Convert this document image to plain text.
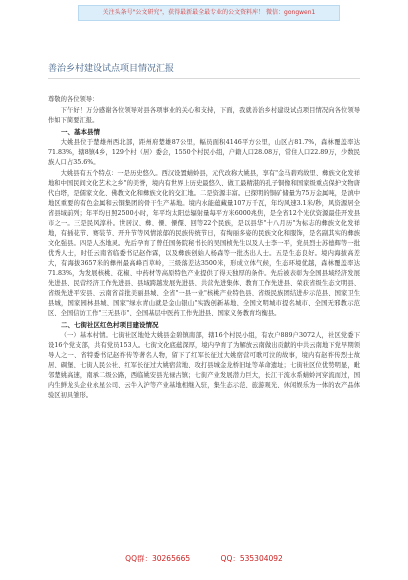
关注头条号"公文研究"，获得最新最全最专业的公文资料库！ 微信：gongwen1
善治乡村建设试点项目情况汇报

尊敬的各位领导：

下午好！万分感谢各位领导对县各项事业的关心和支持，下面，我就善治乡村建设试点项目情况向各位领导作如下简要汇报。

一、基本县情

大姚县位于楚雄州西北部，距州府楚雄87公里，幅员面积4146平方公里，山区占81.7%，森林覆盖率达71.83%，辖8镇4乡，129个村（居）委会，1550个村民小组，户籍人口28.08万，常住人口22.89万，少数民族人口占35.6%。

大姚县有五个特点：一是历史悠久。西汉设置蜻蛉县，元代改称大姚县，享有"金马碧鸡故里、彝族文化发祥地和中国民间文化艺术之乡"的美誉，境内有世界上历史最悠久、做工最精湛的孔子铜像和国家级重点保护文物唐代白塔，是儒家文化、佛教文化和彝族文化的交汇地。二是资源丰富。已探明的铜矿储量为75万金属吨，是滇中地区重要的有色金属和云铜集团的骨干生产基地。境内水能蕴藏量107万千瓦，年均风速3.1米/秒，风资源居全省县域前列；年平均日照2500小时，年平均太阳总辐射量每平方米6000兆焦，是全省12个光伏资源最佳开发县市之一。三是民风淳朴。世居汉、彝、傈、傈僳、回等22个民族，是以县华"十八月历"为标志的彝族文化发祥地，有插花节、赛装节、开升节等风情浓郁的民族传统节日，有绚丽多姿的民族文化和服饰，是名副其实的彝族文化强县。四是人杰地灵。先后孕育了曾任国务院秘书长的吴国桢先生以及人士李一平，党员烈士苏德辉等一批优秀人士，时任云南省临委书记赵作霖，以及彝族创始人杨森等一批杰出人士。五是生态良好。境内海拔高差大，有海拔3657米的彝州最高峰百草岭，三级落差达3500米，形成立体气候，生态环境优越，森林覆盖率达71.83%，为发展核桃、花椒、中药材等高原特色产业提供了得天独厚的条件。先后被表彰为全国县域经济发展先进县、民营经济工作先进县、县域跨越发展先进县、共营先进集体、教育工作先进县、荣获省级生态文明县、省级先进平安县、云南省首批美丽县城、全省"一县一业"核桃产业特色县、省级民族团结进步示范县、国家卫生县城，国家园林县城、国家"绿水青山就是金山银山"实践创新基地、全国文明城市提名城市、全国无邪教示范区、全国信访工作"三无县市"、全国基层中医药工作先进县、国家义务教育均衡县。

二、七街社区红色村项目建设情况

（一）基本村情。七街社区地处大姚县金碧镇南部，辖16个村民小组，有农户889户3072人，社区党委下设16个党支部，共有党员153人。七街文化底蕴深厚，境内孕育了为解放云南做出贡献的中共云南地下党早期领导人之一、省特委书记赵祚传等著名人物，留下了红军长征过大姚宿营可歌可泣的故事，境内有赵祚传烈士故居、碉堡、七街人民公社、红军长征过大姚宿营地、攻打县城金龙桥旧址等革命遗址；七街社区位优势明显，毗邻楚姚高速，南承二级公路，西临姚安县光禄古镇；七街产业发展潜力巨大，长江干流水系蜻蛉河穿流而过，国内生鲜龙头企业永星公司、云牛入沪等产业基地相继入驻，集生态示范、旅游观光、休闲娱乐为一体的农产品体验区初具雏形。

QQ群：30265665	QQ：535304092
